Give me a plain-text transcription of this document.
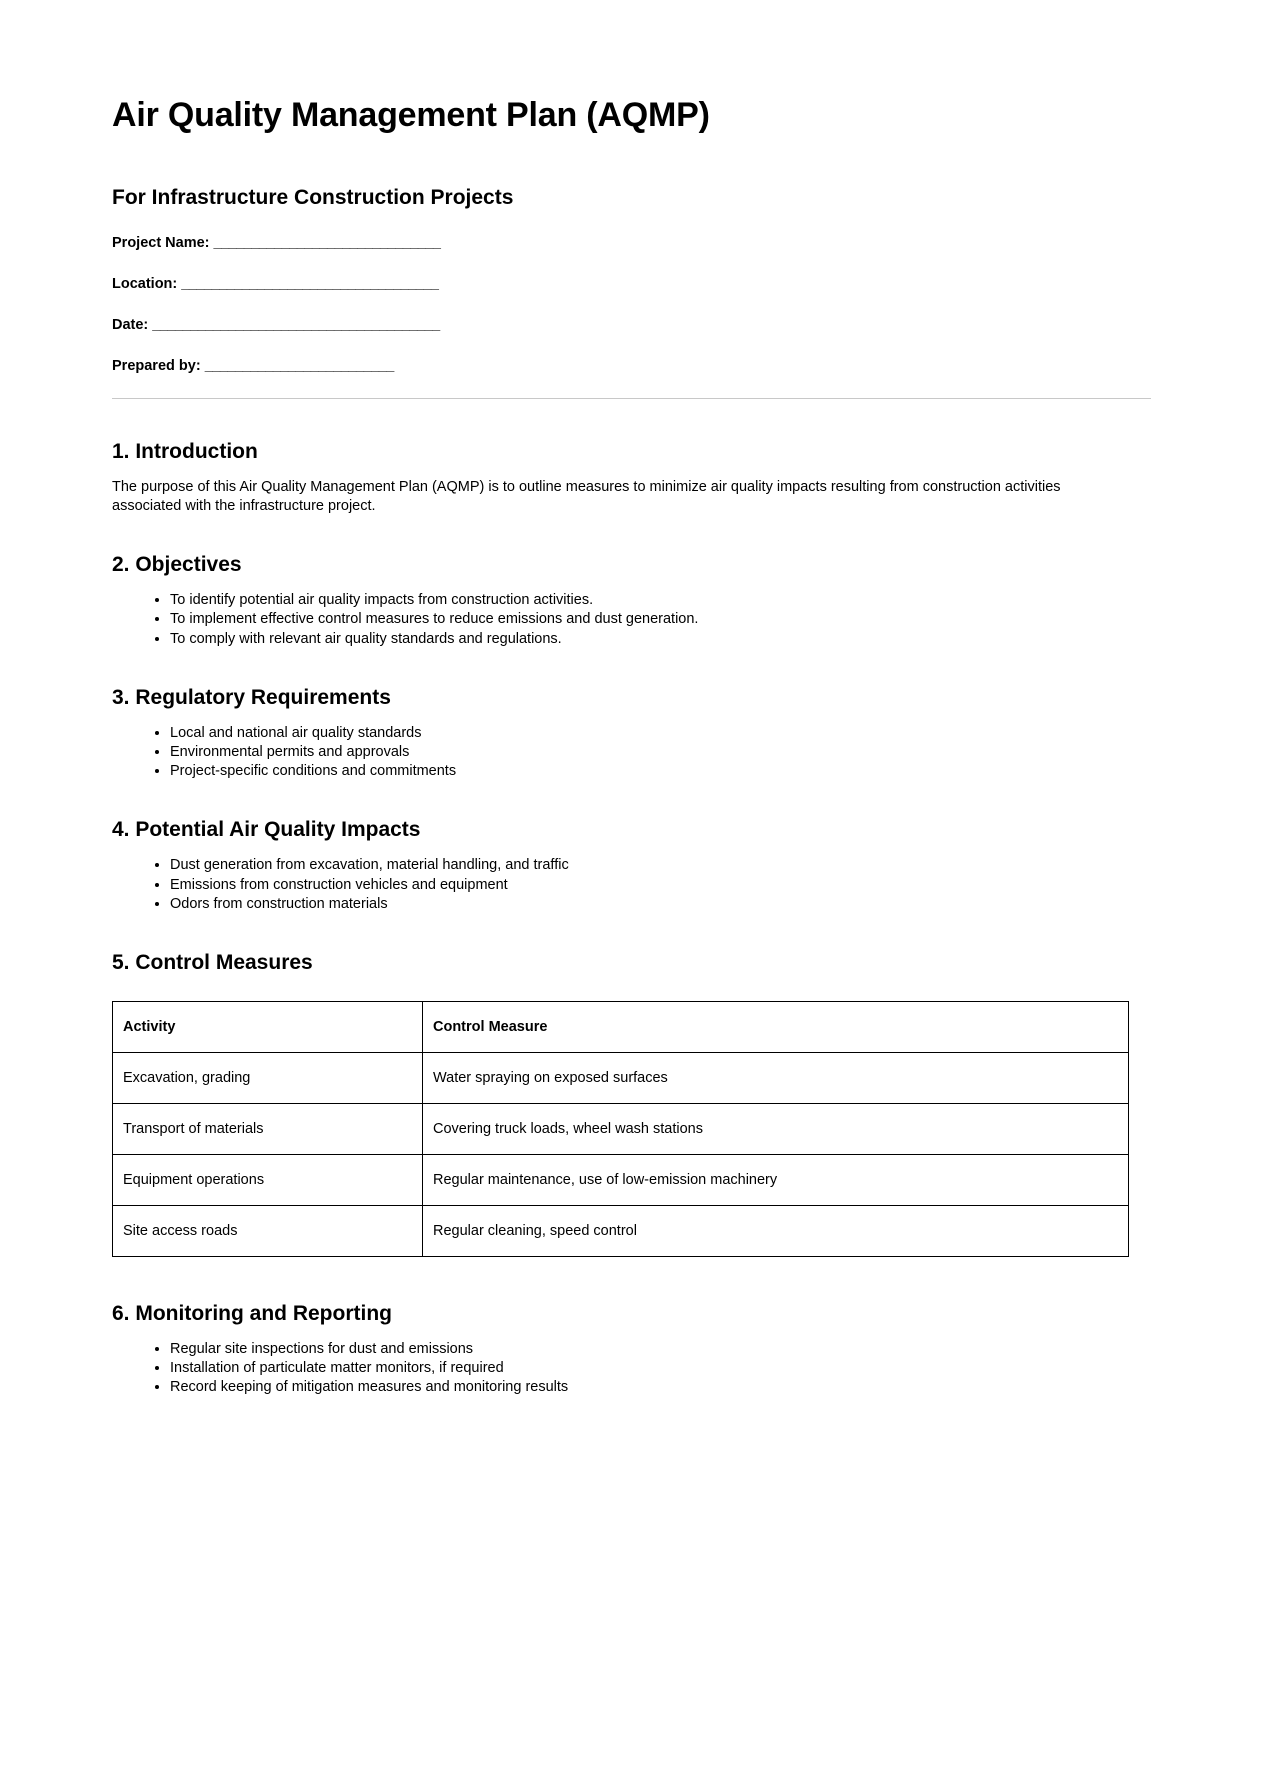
Air Quality Management Plan (AQMP)
For Infrastructure Construction Projects
Project Name: ______________________________
Location: __________________________________
Date: ______________________________________
Prepared by: _________________________
1. Introduction

The purpose of this Air Quality Management Plan (AQMP) is to outline measures to minimize air quality impacts resulting from construction activities associated with the infrastructure project.

2. Objectives
• To identify potential air quality impacts from construction activities.
• To implement effective control measures to reduce emissions and dust generation.
• To comply with relevant air quality standards and regulations.
3. Regulatory Requirements
• Local and national air quality standards
• Environmental permits and approvals
• Project-specific conditions and commitments
4. Potential Air Quality Impacts
• Dust generation from excavation, material handling, and traffic
• Emissions from construction vehicles and equipment
• Odors from construction materials
5. Control Measures
Activity	Control Measure
Excavation, grading	Water spraying on exposed surfaces
Transport of materials	Covering truck loads, wheel wash stations
Equipment operations	Regular maintenance, use of low-emission machinery
Site access roads	Regular cleaning, speed control
6. Monitoring and Reporting
• Regular site inspections for dust and emissions
• Installation of particulate matter monitors, if required
• Record keeping of mitigation measures and monitoring results
